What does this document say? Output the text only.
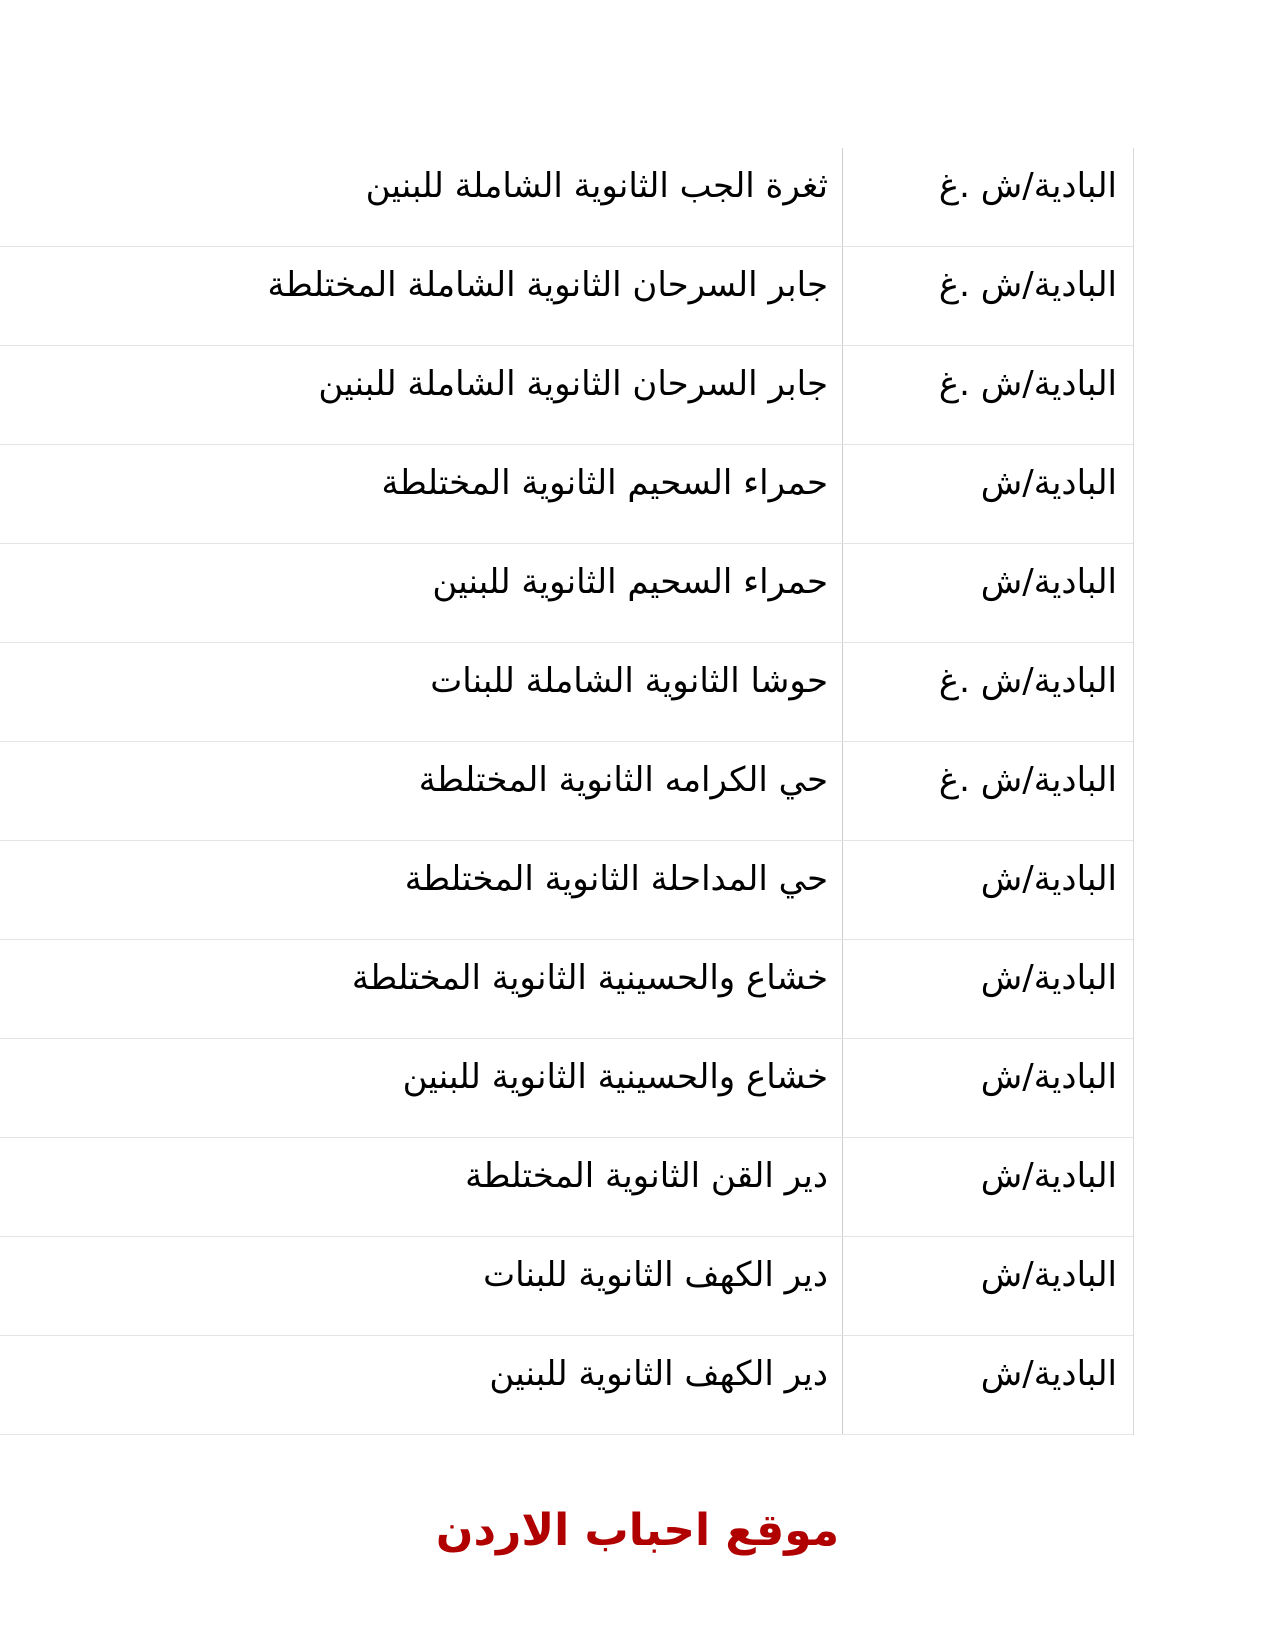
البادية/ش .غ
ثغرة الجب الثانوية الشاملة للبنين
البادية/ش .غ
جابر السرحان الثانوية الشاملة المختلطة
البادية/ش .غ
جابر السرحان الثانوية الشاملة للبنين
البادية/ش
حمراء السحيم الثانوية المختلطة
البادية/ش
حمراء السحيم الثانوية للبنين
البادية/ش .غ
حوشا الثانوية الشاملة للبنات
البادية/ش .غ
حي الكرامه الثانوية المختلطة
البادية/ش
حي المداحلة الثانوية المختلطة
البادية/ش
خشاع والحسينية الثانوية المختلطة
البادية/ش
خشاع والحسينية الثانوية للبنين
البادية/ش
دير القن الثانوية المختلطة
البادية/ش
دير الكهف الثانوية للبنات
البادية/ش
دير الكهف الثانوية للبنين
موقع احباب الاردن
